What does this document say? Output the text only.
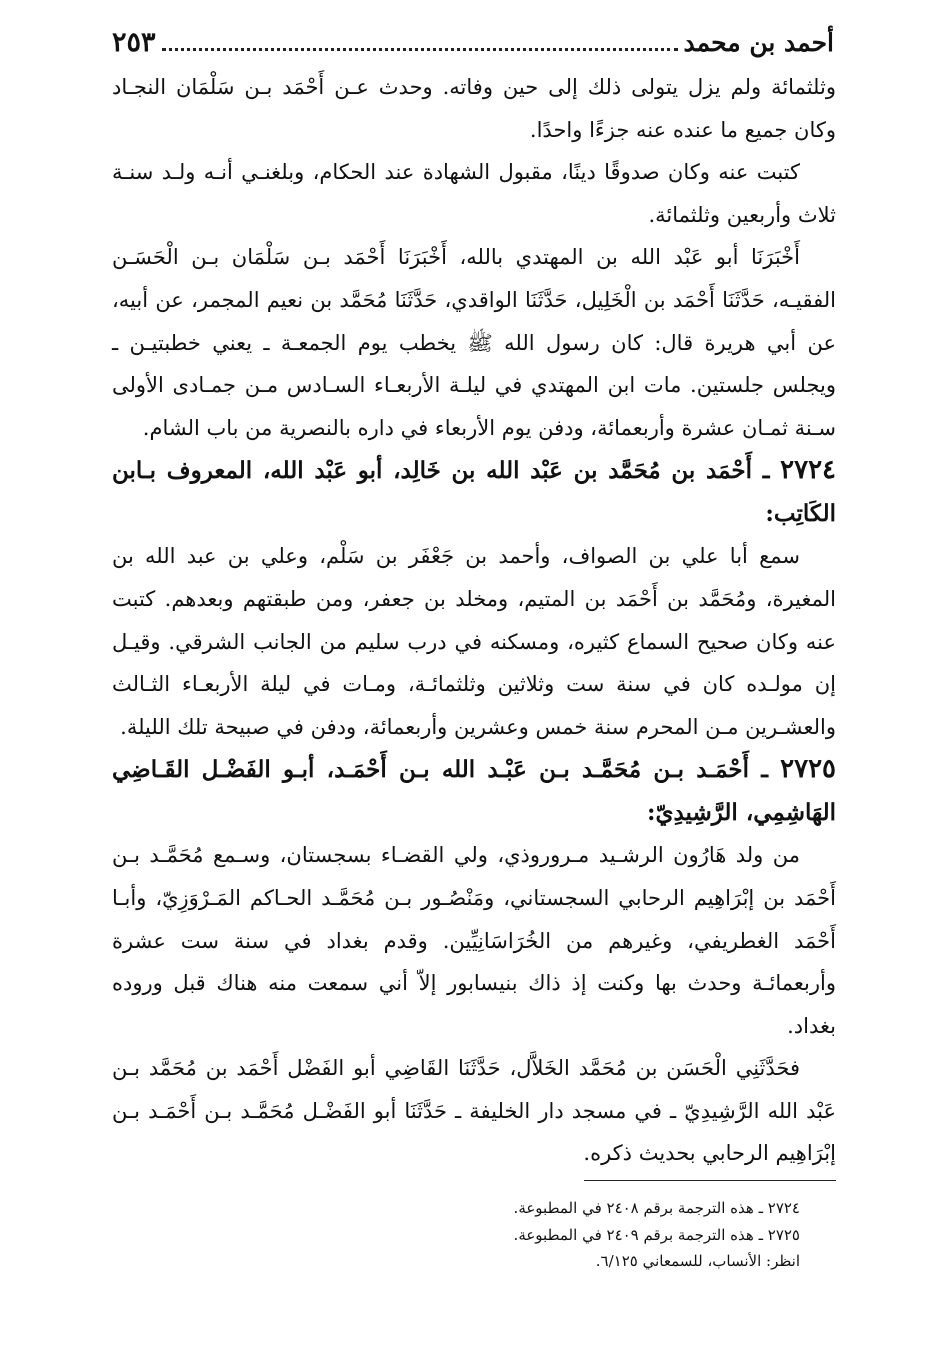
أحمد بن محمد
٢٥٣

وثلثمائة ولم يزل يتولى ذلك إلى حين وفاته. وحدث عـن أَحْمَد بـن سَلْمَان النجـاد وكان جميع ما عنده عنه جزءًا واحدًا.

كتبت عنه وكان صدوقًا دينًا، مقبول الشهادة عند الحكام، وبلغنـي أنـه ولـد سنـة ثلاث وأربعين وثلثمائة.

أَخْبَرَنَا أبو عَبْد الله بن المهتدي بالله، أَخْبَرَنَا أَحْمَد بـن سَلْمَان بـن الْحَسَـن الفقيـه، حَدَّثَنَا أَحْمَد بن الْخَلِيل، حَدَّثَنَا الواقدي، حَدَّثَنَا مُحَمَّد بن نعيم المجمر، عن أبيه، عن أبي هريرة قال: كان رسول الله ﷺ يخطب يوم الجمعـة ـ يعني خطبتيـن ـ ويجلس جلستين. مات ابن المهتدي في ليلـة الأربعـاء السـادس مـن جمـادى الأولى سـنة ثمـان عشرة وأربعمائة، ودفن يوم الأربعاء في داره بالنصرية من باب الشام.

٢٧٢٤ ـ أَحْمَد بن مُحَمَّد بن عَبْد الله بن خَالِد، أبو عَبْد الله، المعروف بـابن الكَاتِب:

سمع أبا علي بن الصواف، وأحمد بن جَعْفَر بن سَلْم، وعلي بن عبد الله بن المغيرة، ومُحَمَّد بن أَحْمَد بن المتيم، ومخلد بن جعفر، ومن طبقتهم وبعدهم. كتبت عنه وكان صحيح السماع كثيره، ومسكنه في درب سليم من الجانب الشرقي. وقيـل إن مولـده كان في سنة ست وثلاثين وثلثمائـة، ومـات في ليلة الأربعـاء الثـالث والعشـرين مـن المحرم سنة خمس وعشرين وأربعمائة، ودفن في صبيحة تلك الليلة.

٢٧٢٥ ـ أَحْمَـد بـن مُحَمَّـد بـن عَبْـد الله بـن أَحْمَـد، أبـو الفَضْـل القَـاضِي الهَاشِمِي، الرَّشِيدِيّ:

من ولد هَارُون الرشـيد مـروروذي، ولي القضـاء بسجستان، وسـمع مُحَمَّـد بـن أَحْمَد بن إبْرَاهِيم الرحابي السجستاني، ومَنْصُـور بـن مُحَمَّـد الحـاكم المَـرْوَزِيّ، وأبـا أَحْمَد الغطريفي، وغيرهم من الخُرَاسَانِيِّين. وقدم بغداد في سنة ست عشرة وأربعمائـة وحدث بها وكنت إذ ذاك بنيسابور إلاّ أني سمعت منه هناك قبل وروده بغداد.

فحَدَّثَنِي الْحَسَن بن مُحَمَّد الخَلاَّل، حَدَّثَنَا القَاضِي أبو الفَضْل أَحْمَد بن مُحَمَّد بـن عَبْد الله الرَّشِيدِيّ ـ في مسجد دار الخليفة ـ حَدَّثَنَا أبو الفَضْـل مُحَمَّـد بـن أَحْمَـد بـن إبْرَاهِيم الرحابي بحديث ذكره.

٢٧٢٤ ـ هذه الترجمة برقم ٢٤٠٨ في المطبوعة.

٢٧٢٥ ـ هذه الترجمة برقم ٢٤٠٩ في المطبوعة.

انظر: الأنساب، للسمعاني ٦/١٢٥.
